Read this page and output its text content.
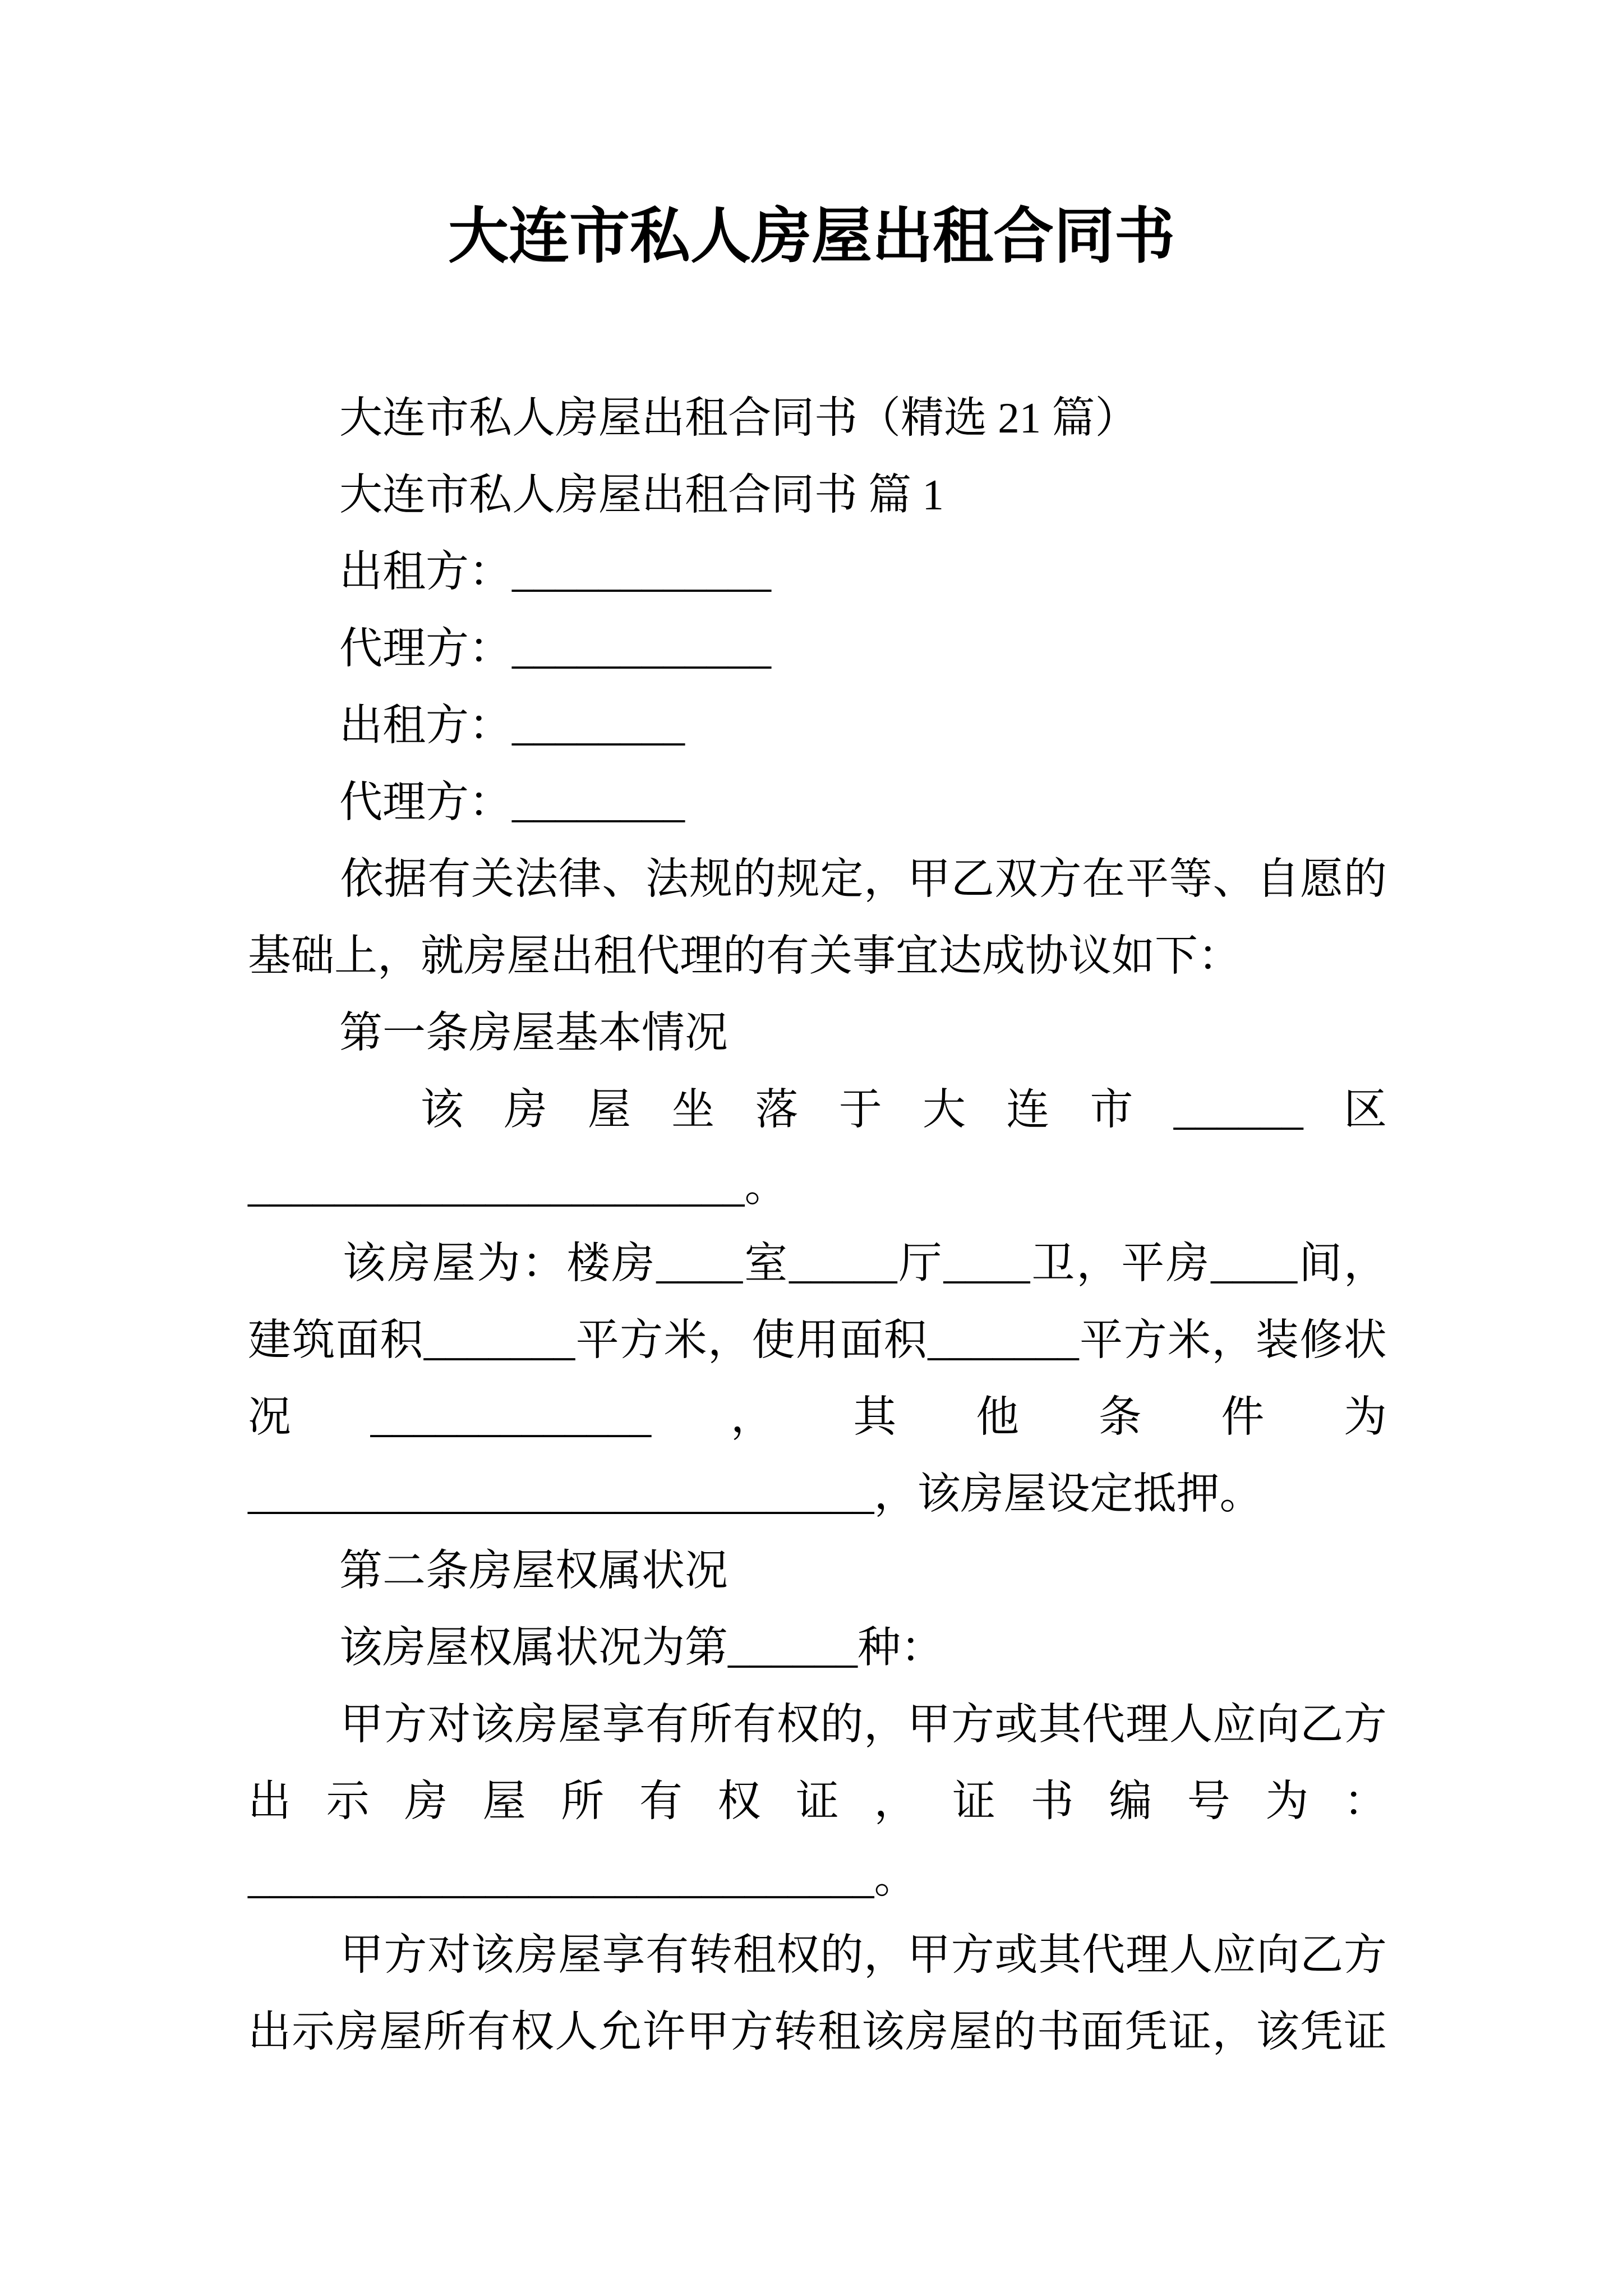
大连市私人房屋出租合同书
大连市私人房屋出租合同书（精选 21 篇）
大连市私人房屋出租合同书 篇 1
出租方：____________
代理方：____________
出租方：________
代理方：________
依 据 有 关 法 律 、 法 规 的 规 定 ， 甲 乙 双 方 在 平 等 、 自 愿 的
基础上，就房屋出租代理的有关事宜达成协议如下：
第一条房屋基本情况
该 房 屋 坐 落 于 大 连 市 ______ 区
_______________________。
该 房 屋 为 ： 楼 房 ____ 室 _____ 厅 ____ 卫 ， 平 房 ____ 间 ，
建 筑 面 积 _______ 平 方 米 ， 使 用 面 积 _______ 平 方 米 ， 装 修 状
况 _____________ ， 其 他 条 件 为
_____________________________，该房屋设定抵押。
第二条房屋权属状况
该房屋权属状况为第______种：
甲 方 对 该 房 屋 享 有 所 有 权 的 ， 甲 方 或 其 代 理 人 应 向 乙 方
出 示 房 屋 所 有 权 证 ， 证 书 编 号 为 ：
_____________________________。
甲 方 对 该 房 屋 享 有 转 租 权 的 ， 甲 方 或 其 代 理 人 应 向 乙 方
出 示 房 屋 所 有 权 人 允 许 甲 方 转 租 该 房 屋 的 书 面 凭 证 ， 该 凭 证
